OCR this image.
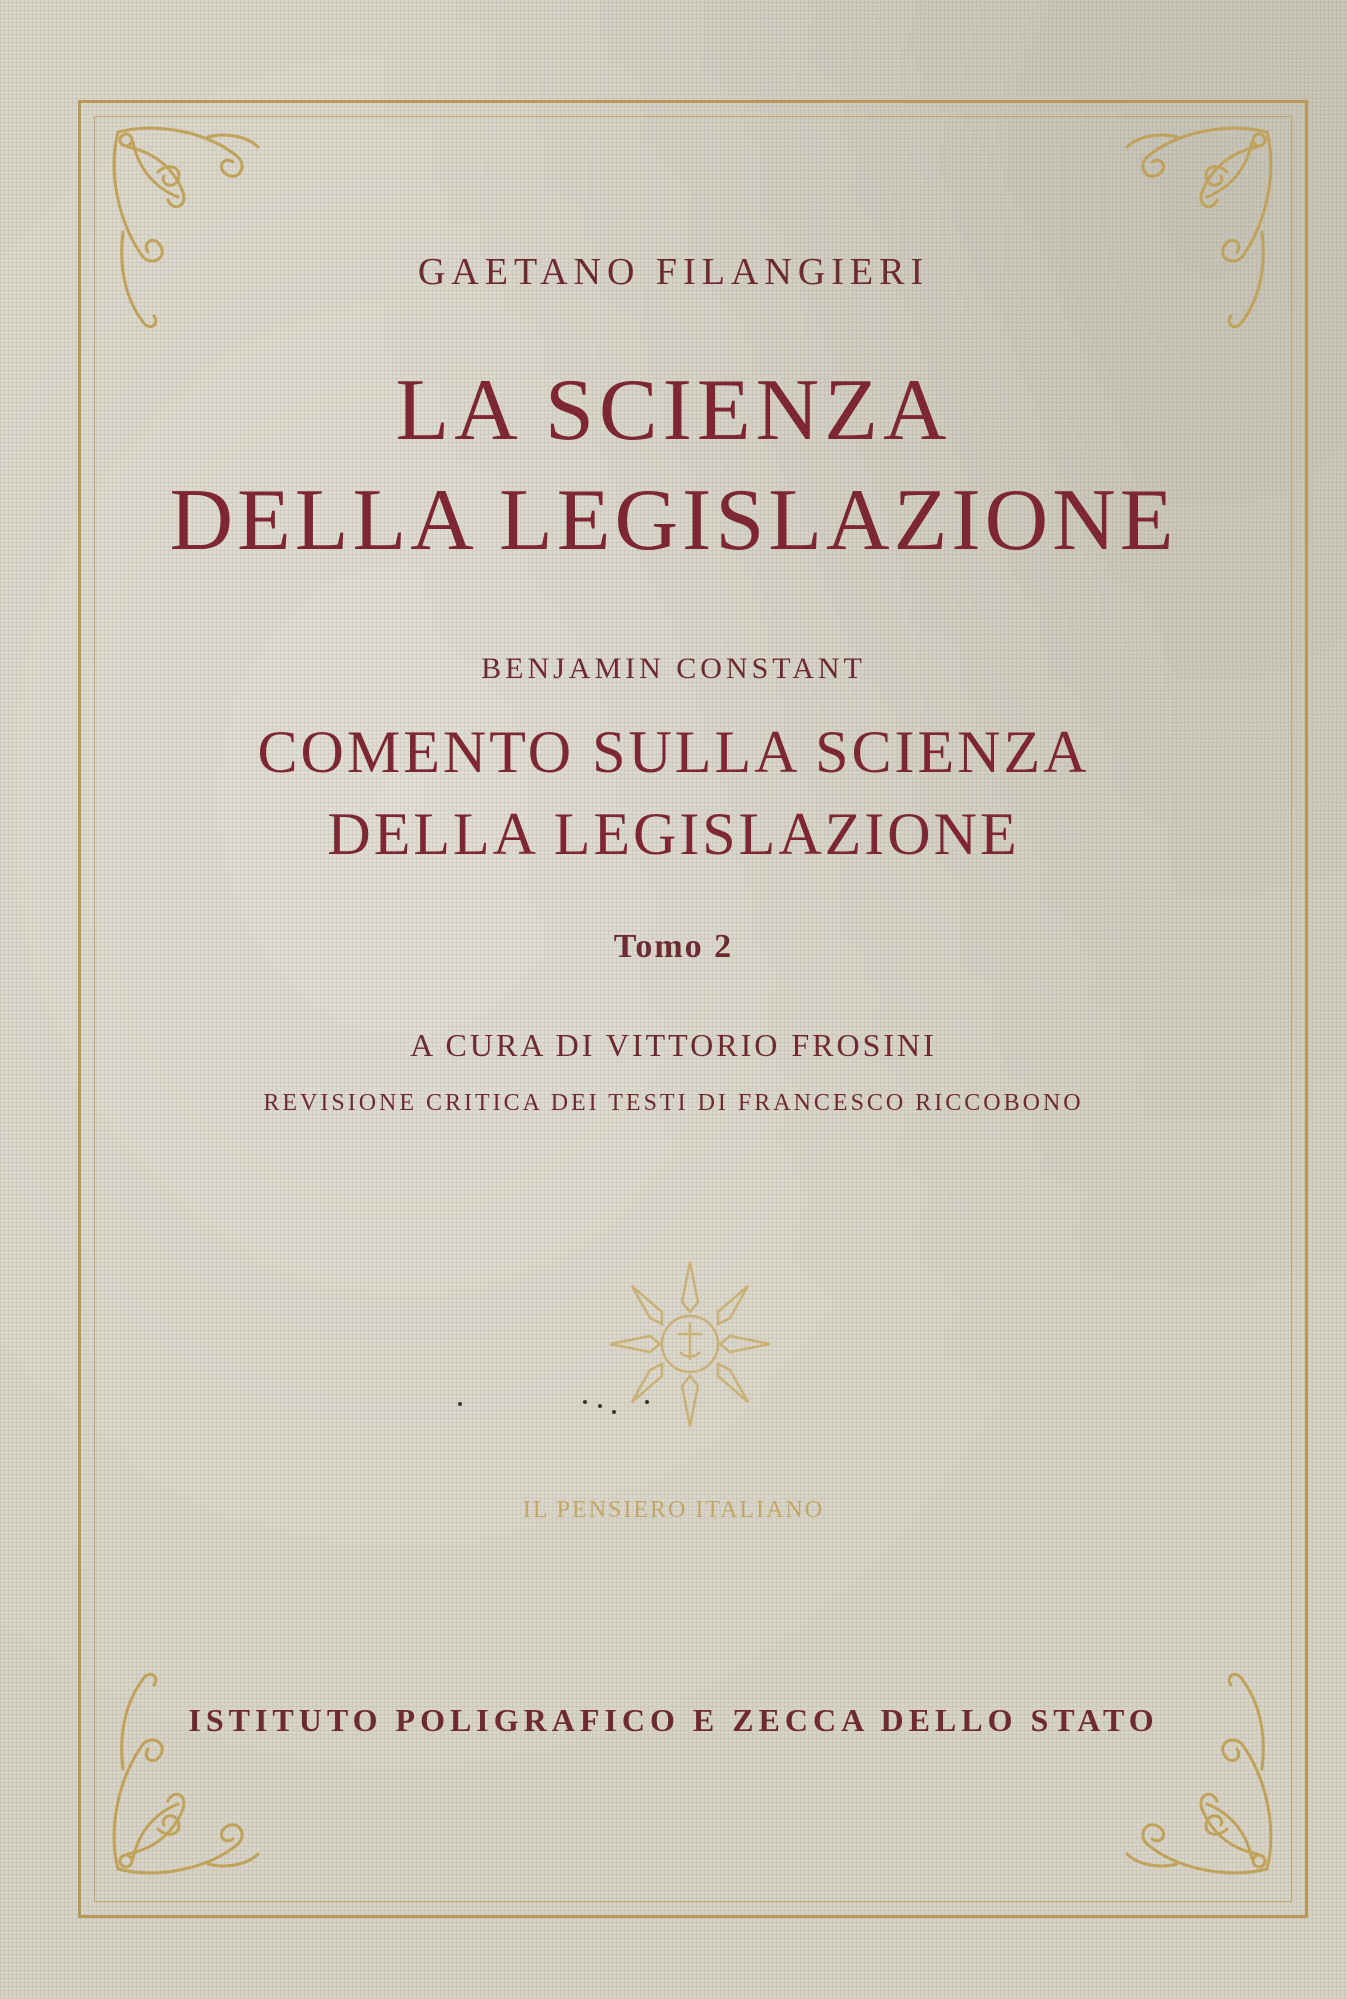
GAETANO FILANGIERI
LA SCIENZA
DELLA LEGISLAZIONE
BENJAMIN CONSTANT
COMENTO SULLA SCIENZA
DELLA LEGISLAZIONE
Tomo 2
A CURA DI VITTORIO FROSINI
REVISIONE CRITICA DEI TESTI DI FRANCESCO RICCOBONO
IL PENSIERO ITALIANO
ISTITUTO POLIGRAFICO E ZECCA DELLO STATO
